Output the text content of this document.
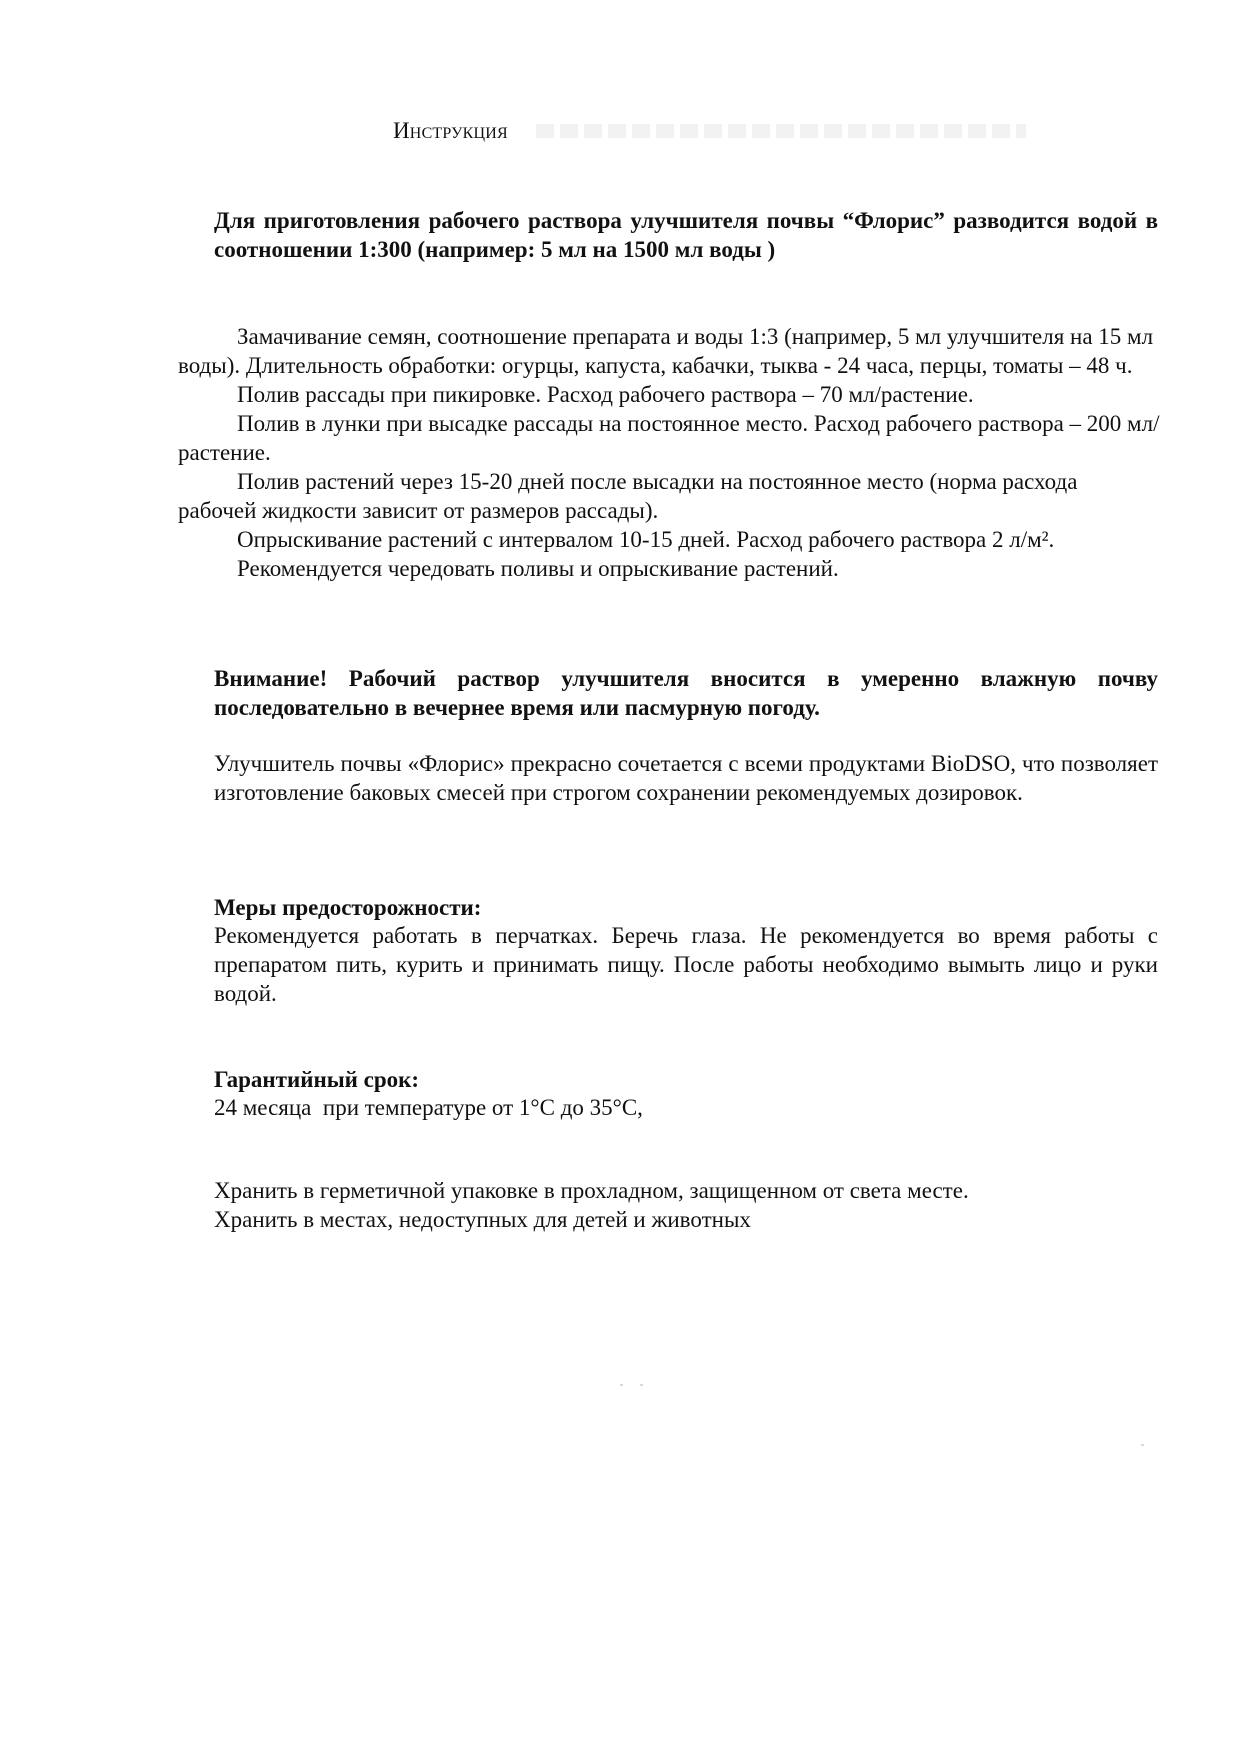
Инструкция
Для приготовления рабочего раствора улучшителя почвы “Флорис” разводится водой в соотношении 1:300 (например: 5 мл на 1500 мл воды )

Замачивание семян, соотношение препарата и воды 1:3 (например, 5 мл улучшителя на 15 мл воды). Длительность обработки: огурцы, капуста, кабачки, тыква - 24 часа, перцы, томаты – 48 ч.

Полив рассады при пикировке. Расход рабочего раствора – 70 мл/растение.

Полив в лунки при высадке рассады на постоянное место. Расход рабочего раствора – 200 мл/растение.

Полив растений через 15-20 дней после высадки на постоянное место (норма расхода рабочей жидкости зависит от размеров рассады).

Опрыскивание растений с интервалом 10-15 дней. Расход рабочего раствора 2 л/м².

Рекомендуется чередовать поливы и опрыскивание растений.

Внимание! Рабочий раствор улучшителя вносится в умеренно влажную почву последовательно в вечернее время или пасмурную погоду.
Улучшитель почвы «Флорис» прекрасно сочетается с всеми продуктами BioDSO, что позволяет изготовление баковых смесей при строгом сохранении рекомендуемых дозировок.
Меры предосторожности:
Рекомендуется работать в перчатках. Беречь глаза. Не рекомендуется во время работы с препаратом пить, курить и принимать пищу. После работы необходимо вымыть лицо и руки водой.
Гарантийный срок:
24 месяца  при температуре от 1°С до 35°С,
Хранить в герметичной упаковке в прохладном, защищенном от света месте.
Хранить в местах, недоступных для детей и животных
